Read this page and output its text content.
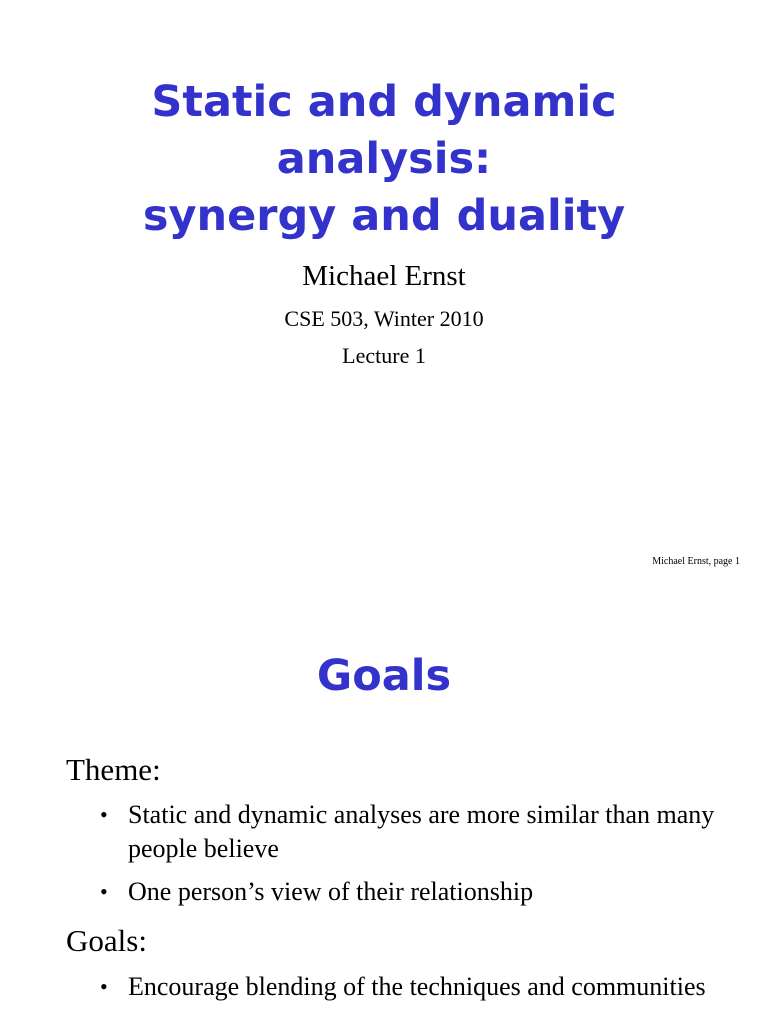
Static and dynamic
analysis:
synergy and duality
Michael Ernst
CSE 503, Winter 2010
Lecture 1
Michael Ernst, page 1
Goals
Theme:
• Static and dynamic analyses are more similar than many people believe
• One person’s view of their relationship
Goals:
• Encourage blending of the techniques and communities
